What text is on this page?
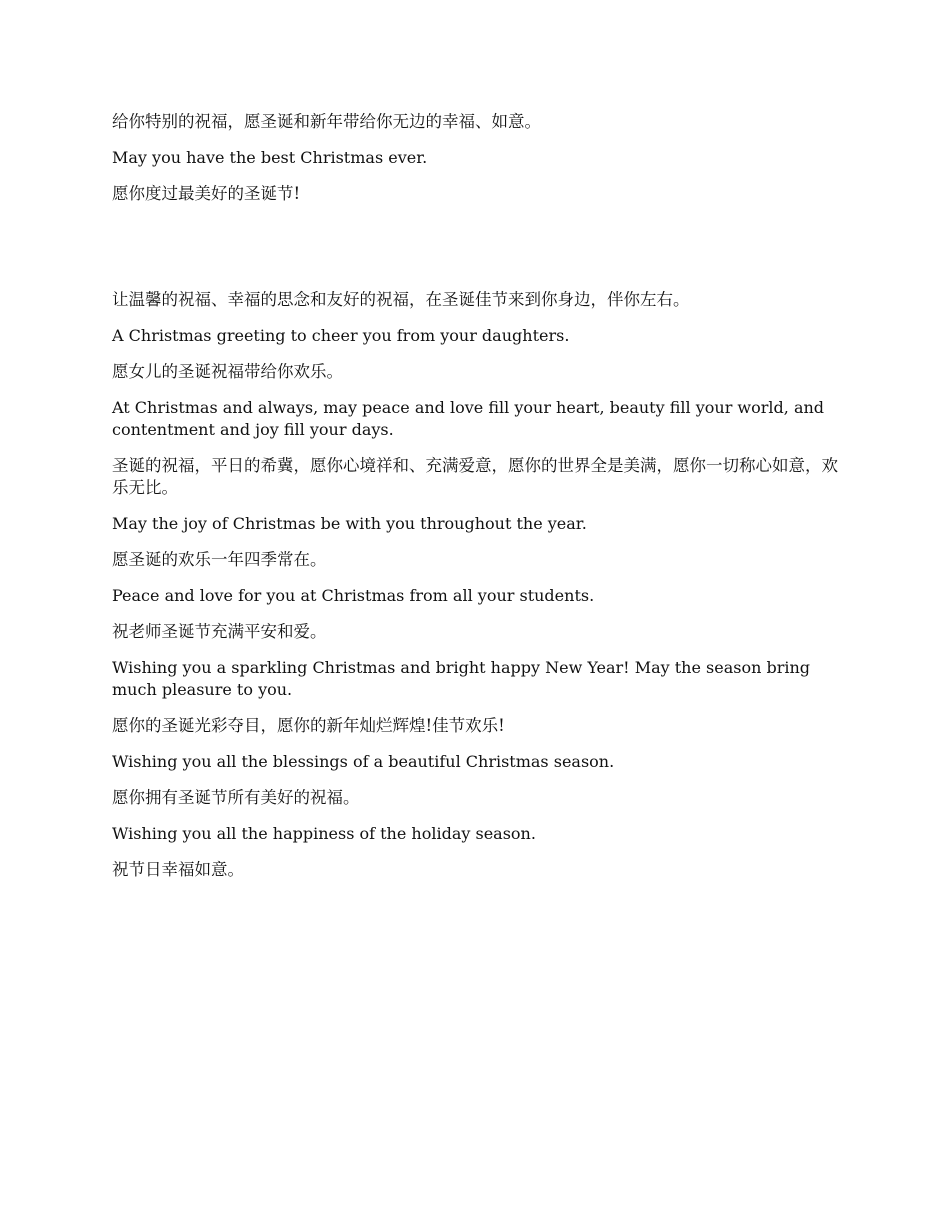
给你特别的祝福，愿圣诞和新年带给你无边的幸福、如意。

May you have the best Christmas ever.

愿你度过最美好的圣诞节!

让温馨的祝福、幸福的思念和友好的祝福，在圣诞佳节来到你身边，伴你左右。

A Christmas greeting to cheer you from your daughters.

愿女儿的圣诞祝福带给你欢乐。

At Christmas and always, may peace and love fill your heart, beauty fill your world, and contentment and joy fill your days.

圣诞的祝福，平日的希冀，愿你心境祥和、充满爱意，愿你的世界全是美满，愿你一切称心如意，欢乐无比。

May the joy of Christmas be with you throughout the year.

愿圣诞的欢乐一年四季常在。

Peace and love for you at Christmas from all your students.

祝老师圣诞节充满平安和爱。

Wishing you a sparkling Christmas and bright happy New Year! May the season bring much pleasure to you.

愿你的圣诞光彩夺目，愿你的新年灿烂辉煌!佳节欢乐!

Wishing you all the blessings of a beautiful Christmas season.

愿你拥有圣诞节所有美好的祝福。

Wishing you all the happiness of the holiday season.

祝节日幸福如意。
